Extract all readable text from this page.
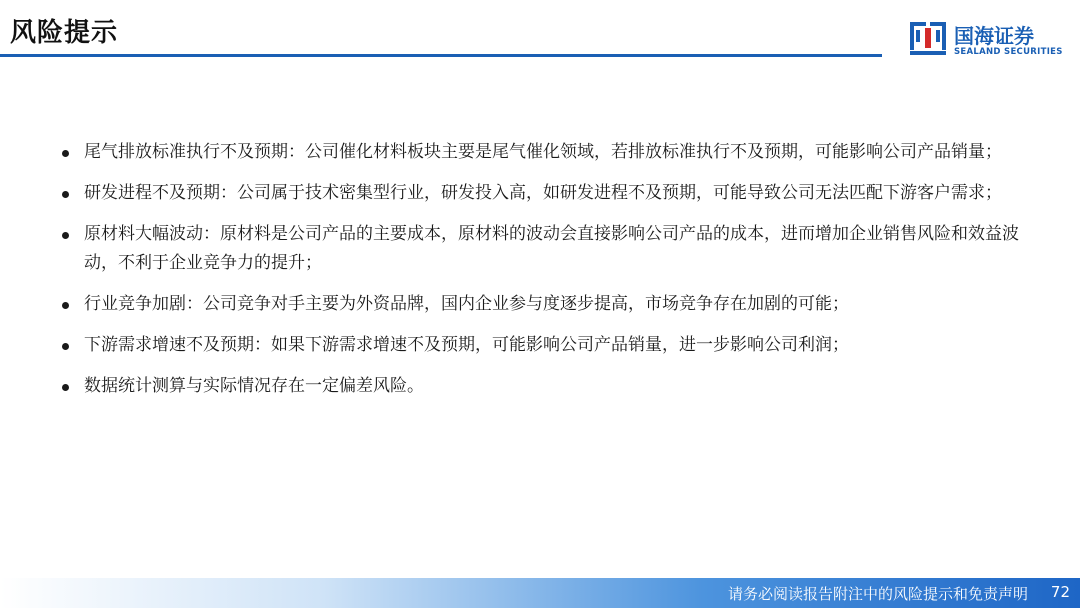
风险提示	国海证券
SEALAND SECURITIES
尾气排放标准执行不及预期：公司催化材料板块主要是尾气催化领域，若排放标准执行不及预期，可能影响公司产品销量；
研发进程不及预期：公司属于技术密集型行业，研发投入高，如研发进程不及预期，可能导致公司无法匹配下游客户需求；
原材料大幅波动：原材料是公司产品的主要成本，原材料的波动会直接影响公司产品的成本，进而增加企业销售风险和效益波动，不利于企业竞争力的提升；
行业竞争加剧：公司竞争对手主要为外资品牌，国内企业参与度逐步提高，市场竞争存在加剧的可能；
下游需求增速不及预期：如果下游需求增速不及预期，可能影响公司产品销量，进一步影响公司利润；
数据统计测算与实际情况存在一定偏差风险。
请务必阅读报告附注中的风险提示和免责声明 72
